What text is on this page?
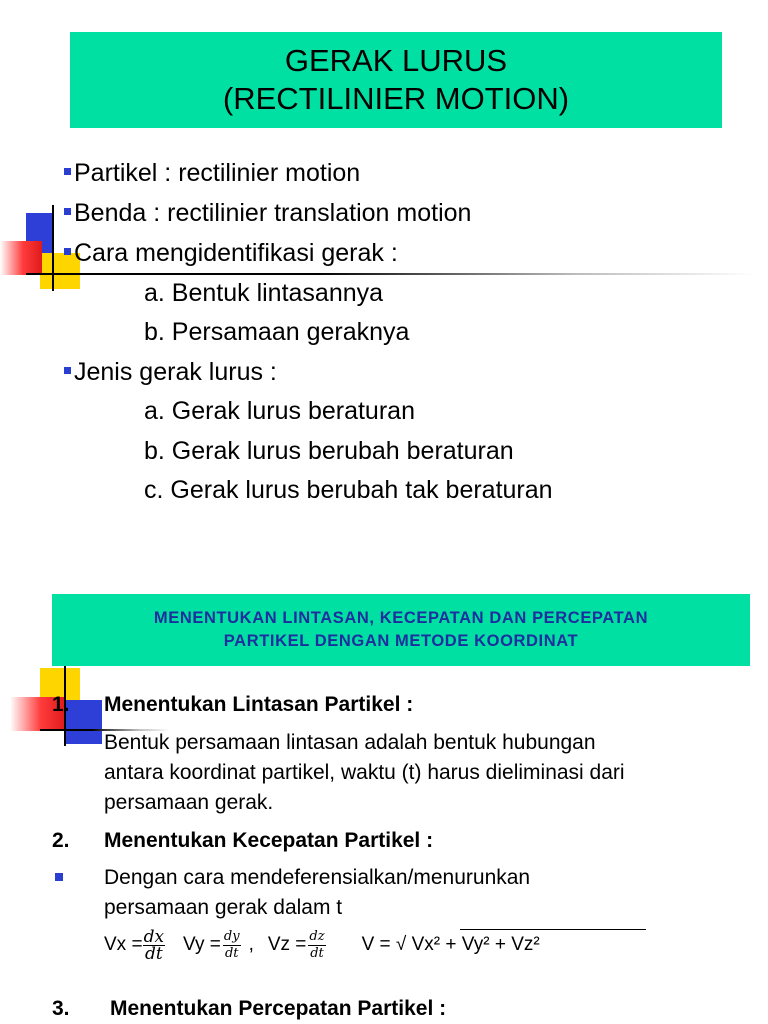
GERAK LURUS
(RECTILINIER MOTION)
Partikel : rectilinier motion
Benda : rectilinier translation motion
Cara mengidentifikasi gerak :
a. Bentuk lintasannya
b. Persamaan geraknya
Jenis gerak lurus :
a. Gerak lurus beraturan
b. Gerak lurus berubah beraturan
c. Gerak lurus berubah tak beraturan
MENENTUKAN LINTASAN, KECEPATAN DAN PERCEPATAN
PARTIKEL DENGAN METODE KOORDINAT
1. Menentukan Lintasan Partikel :
Bentuk persamaan lintasan adalah bentuk hubungan
antara koordinat partikel, waktu (t) harus dieliminasi dari
persamaan gerak.
2. Menentukan Kecepatan Partikel :
Dengan cara mendeferensialkan/menurunkan
persamaan gerak dalam t
$Vx = \frac{dx}{dt}$ $Vy = \frac{dy}{dt}$ , $Vz = \frac{dz}{dt}$ V = √ Vx² + Vy² + Vz²
3. Menentukan Percepatan Partikel :
